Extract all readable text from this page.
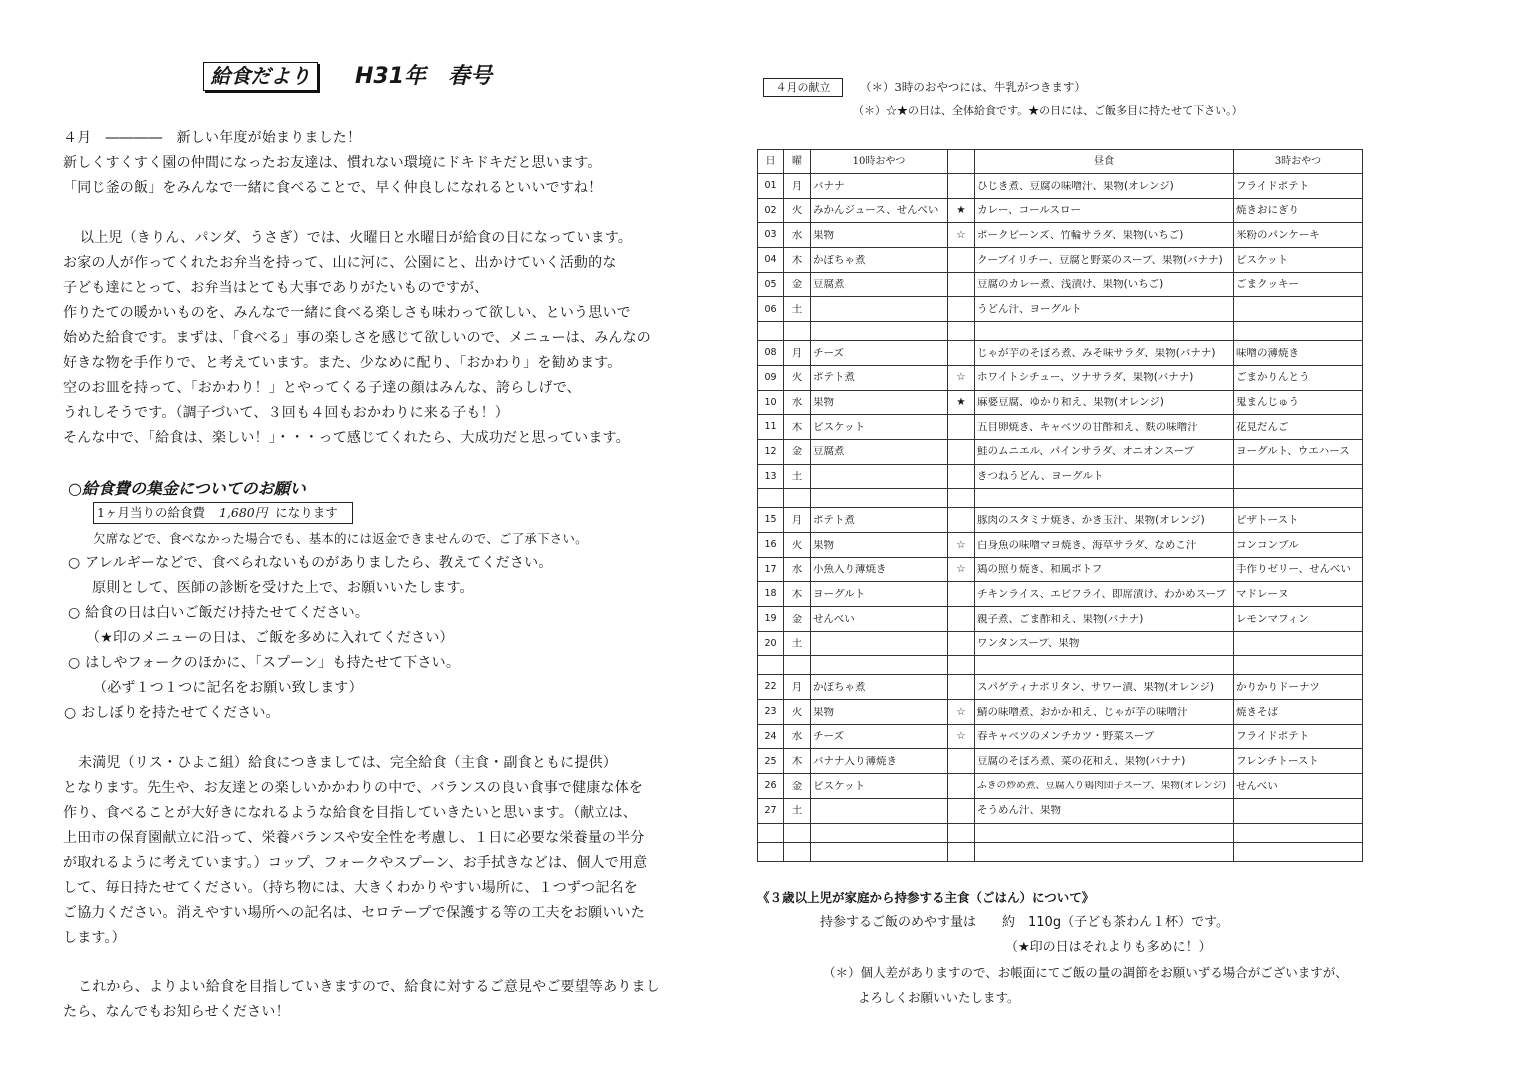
給食だより	H31年　春号
４月　――――　新しい年度が始まりました！
新しくすくすく園の仲間になったお友達は、慣れない環境にドキドキだと思います。
「同じ釜の飯」をみんなで一緒に食べることで、早く仲良しになれるといいですね！
以上児（きりん、パンダ、うさぎ）では、火曜日と水曜日が給食の日になっています。
お家の人が作ってくれたお弁当を持って、山に河に、公園にと、出かけていく活動的な
子ども達にとって、お弁当はとても大事でありがたいものですが、
作りたての暖かいものを、みんなで一緒に食べる楽しさも味わって欲しい、という思いで
始めた給食です。まずは、「食べる」事の楽しさを感じて欲しいので、メニューは、みんなの
好きな物を手作りで、と考えています。また、少なめに配り、「おかわり」を勧めます。
空のお皿を持って、「おかわり！」とやってくる子達の顔はみんな、誇らしげで、
うれしそうです。（調子づいて、３回も４回もおかわりに来る子も！）
そんな中で、「給食は、楽しい！」・・・って感じてくれたら、大成功だと思っています。
○給食費の集金についてのお願い
1ヶ月当りの給食費 1,680円 になります
欠席などで、食べなかった場合でも、基本的には返金できませんので、ご了承下さい。
○ アレルギーなどで、食べられないものがありましたら、教えてください。
原則として、医師の診断を受けた上で、お願いいたします。
○ 給食の日は白いご飯だけ持たせてください。
（★印のメニューの日は、ご飯を多めに入れてください）
○ はしやフォークのほかに、「スプーン」も持たせて下さい。
（必ず１つ１つに記名をお願い致します）
○ おしぼりを持たせてください。
未満児（リス・ひよこ組）給食につきましては、完全給食（主食・副食ともに提供）
となります。先生や、お友達との楽しいかかわりの中で、バランスの良い食事で健康な体を
作り、食べることが大好きになれるような給食を目指していきたいと思います。（献立は、
上田市の保育園献立に沿って、栄養バランスや安全性を考慮し、１日に必要な栄養量の半分
が取れるように考えています。）コップ、フォークやスプーン、お手拭きなどは、個人で用意
して、毎日持たせてください。（持ち物には、大きくわかりやすい場所に、１つずつ記名を
ご協力ください。消えやすい場所への記名は、セロテープで保護する等の工夫をお願いいた
します。）
これから、よりよい給食を目指していきますので、給食に対するご意見やご要望等ありまし
たら、なんでもお知らせください！
４月の献立	（＊）3時のおやつには、牛乳がつきます）
（＊）☆★の日は、全体給食です。★の日には、ご飯多目に持たせて下さい。）
日	曜	10時おやつ		昼食	3時おやつ

01	月	バナナ		ひじき煮、豆腐の味噌汁、果物(オレンジ)	フライドポテト

02	火	みかんジュース、せんべい	★	カレー、コールスロー	焼きおにぎり

03	水	果物	☆	ポークビーンズ、竹輪サラダ、果物(いちご)	米粉のパンケーキ

04	木	かぼちゃ煮		クーブイリチー、豆腐と野菜のスープ、果物(バナナ)	ビスケット

05	金	豆腐煮		豆腐のカレー煮、浅漬け、果物(いちご)	ごまクッキー

06	土			うどん汁、ヨーグルト	

08	月	チーズ		じゃが芋のそぼろ煮、みそ味サラダ、果物(バナナ)	味噌の薄焼き

09	火	ポテト煮	☆	ホワイトシチュー、ツナサラダ、果物(バナナ)	ごまかりんとう

10	水	果物	★	麻婆豆腐、ゆかり和え、果物(オレンジ)	鬼まんじゅう

11	木	ビスケット		五目卵焼き、キャベツの甘酢和え、麩の味噌汁	花見だんご

12	金	豆腐煮		鮭のムニエル、パインサラダ、オニオンスープ	ヨーグルト、ウエハース

13	土			きつねうどん、ヨーグルト	

15	月	ポテト煮		豚肉のスタミナ焼き、かき玉汁、果物(オレンジ)	ピザトースト

16	火	果物	☆	白身魚の味噌マヨ焼き、海草サラダ、なめこ汁	コンコンブル

17	水	小魚入り薄焼き	☆	鶏の照り焼き、和風ポトフ	手作りゼリー、せんべい

18	木	ヨーグルト		チキンライス、エビフライ、即席漬け、わかめスープ	マドレーヌ

19	金	せんべい		親子煮、ごま酢和え、果物(バナナ)	レモンマフィン

20	土			ワンタンスープ、果物	

22	月	かぼちゃ煮		スパゲティナポリタン、サワー漬、果物(オレンジ)	かりかりドーナツ

23	火	果物	☆	鯖の味噌煮、おかか和え、じゃが芋の味噌汁	焼きそば

24	水	チーズ	☆	春キャベツのメンチカツ・野菜スープ	フライドポテト

25	木	バナナ入り薄焼き		豆腐のそぼろ煮、菜の花和え、果物(バナナ)	フレンチトースト

26	金	ビスケット		ふきの炒め煮、豆腐入り鶏肉団子スープ、果物(オレンジ)	せんべい

27	土			そうめん汁、果物	

《３歳以上児が家庭から持参する主食（ごはん）について》
持参するご飯のめやす量は　　約　110g（子ども茶わん１杯）です。
（★印の日はそれよりも多めに！）
（＊）個人差がありますので、お帳面にてご飯の量の調節をお願いずる場合がございますが、
よろしくお願いいたします。
